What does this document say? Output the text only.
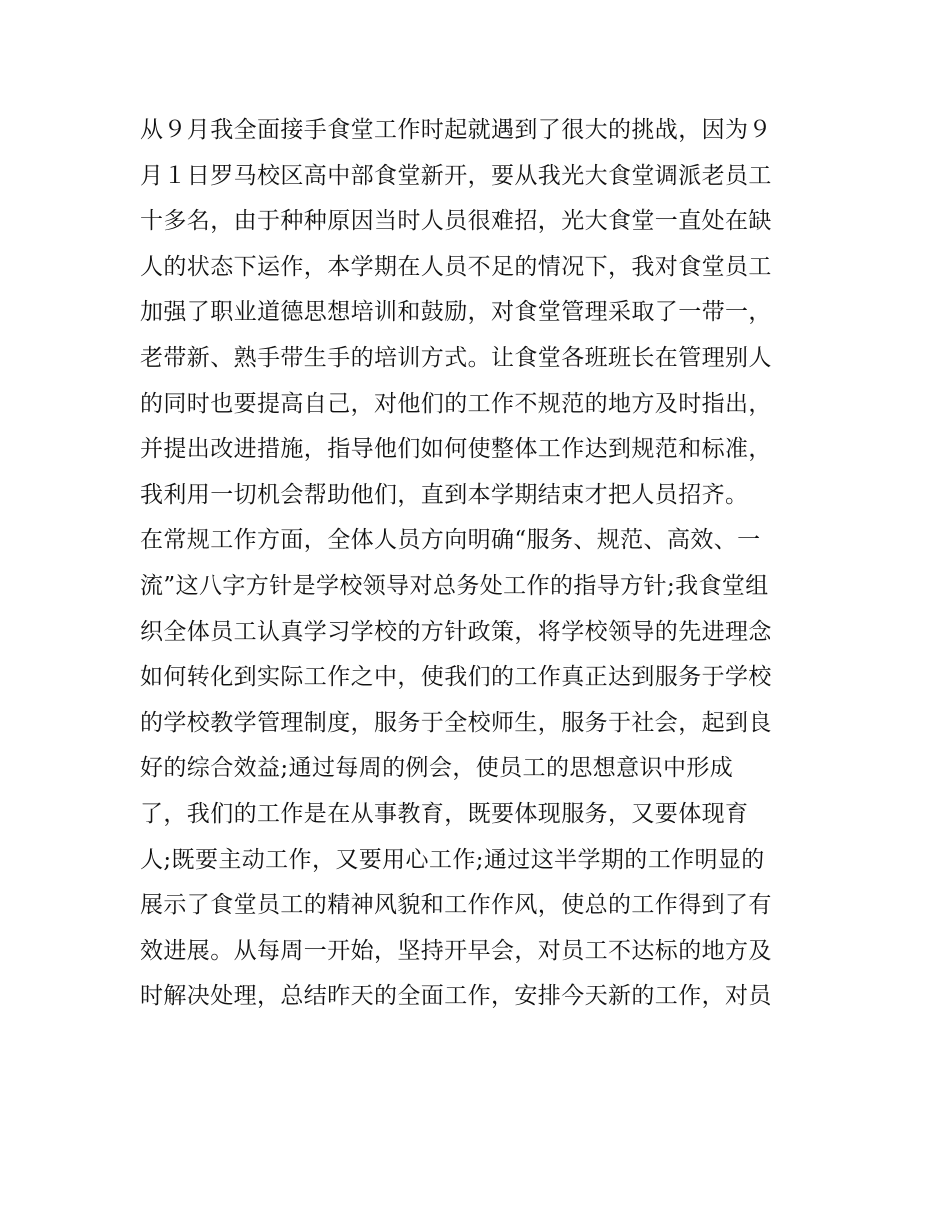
从９月我全面接手食堂工作时起就遇到了很大的挑战，因为９
月１日罗马校区高中部食堂新开，要从我光大食堂调派老员工
十多名，由于种种原因当时人员很难招，光大食堂一直处在缺
人的状态下运作，本学期在人员不足的情况下，我对食堂员工
加强了职业道德思想培训和鼓励，对食堂管理采取了一带一，
老带新、熟手带生手的培训方式。让食堂各班班长在管理别人
的同时也要提高自己，对他们的工作不规范的地方及时指出，
并提出改进措施，指导他们如何使整体工作达到规范和标准，
我利用一切机会帮助他们，直到本学期结束才把人员招齐。
在常规工作方面，全体人员方向明确“服务、规范、高效、一
流”这八字方针是学校领导对总务处工作的指导方针;我食堂组
织全体员工认真学习学校的方针政策，将学校领导的先进理念
如何转化到实际工作之中，使我们的工作真正达到服务于学校
的学校教学管理制度，服务于全校师生，服务于社会，起到良
好的综合效益;通过每周的例会，使员工的思想意识中形成
了，我们的工作是在从事教育，既要体现服务，又要体现育
人;既要主动工作，又要用心工作;通过这半学期的工作明显的
展示了食堂员工的精神风貌和工作作风，使总的工作得到了有
效进展。从每周一开始，坚持开早会，对员工不达标的地方及
时解决处理，总结昨天的全面工作，安排今天新的工作，对员
